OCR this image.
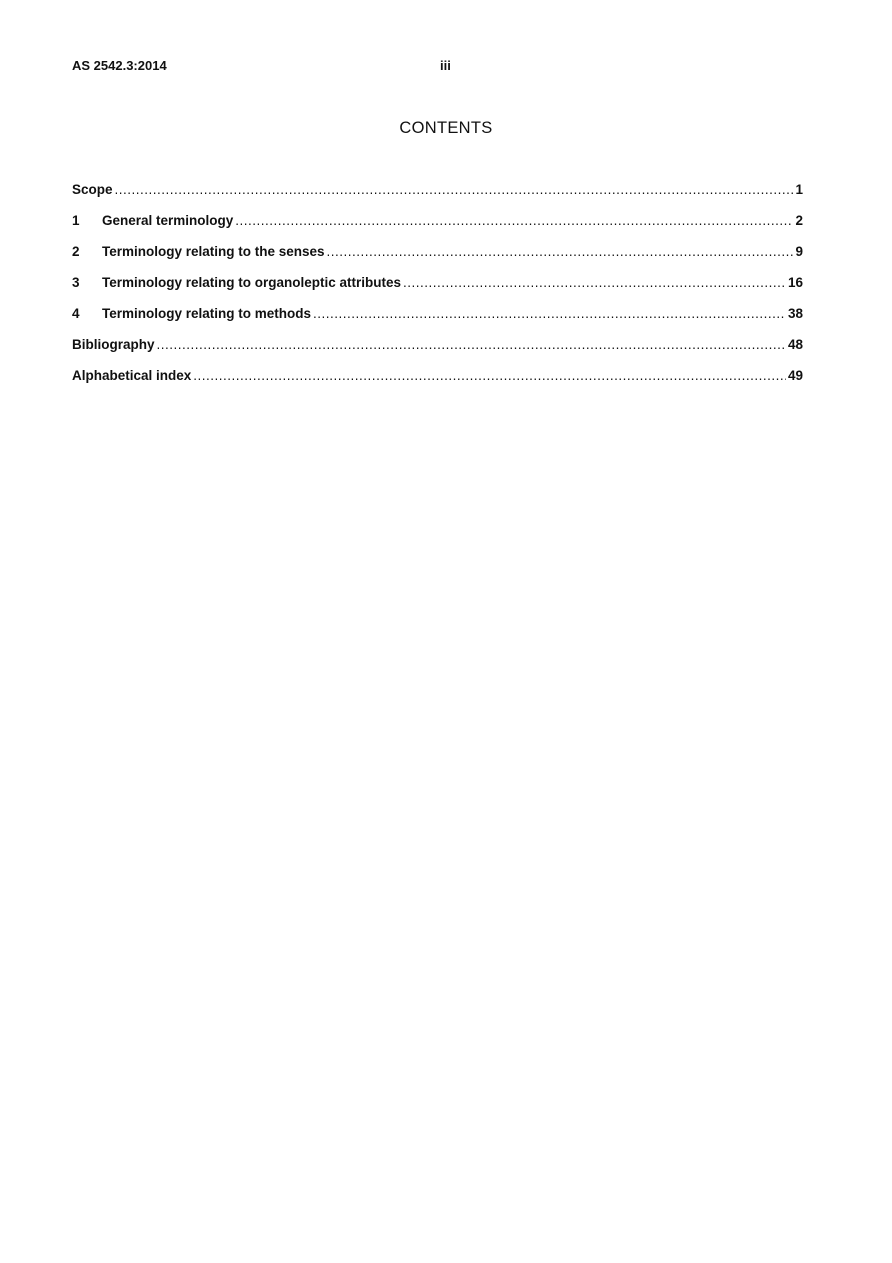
AS 2542.3:2014	iii
CONTENTS
Scope .....	1
1	General terminology .....	2
2	Terminology relating to the senses .....	9
3	Terminology relating to organoleptic attributes .....	16
4	Terminology relating to methods .....	38
Bibliography .....	48
Alphabetical index .....	49
